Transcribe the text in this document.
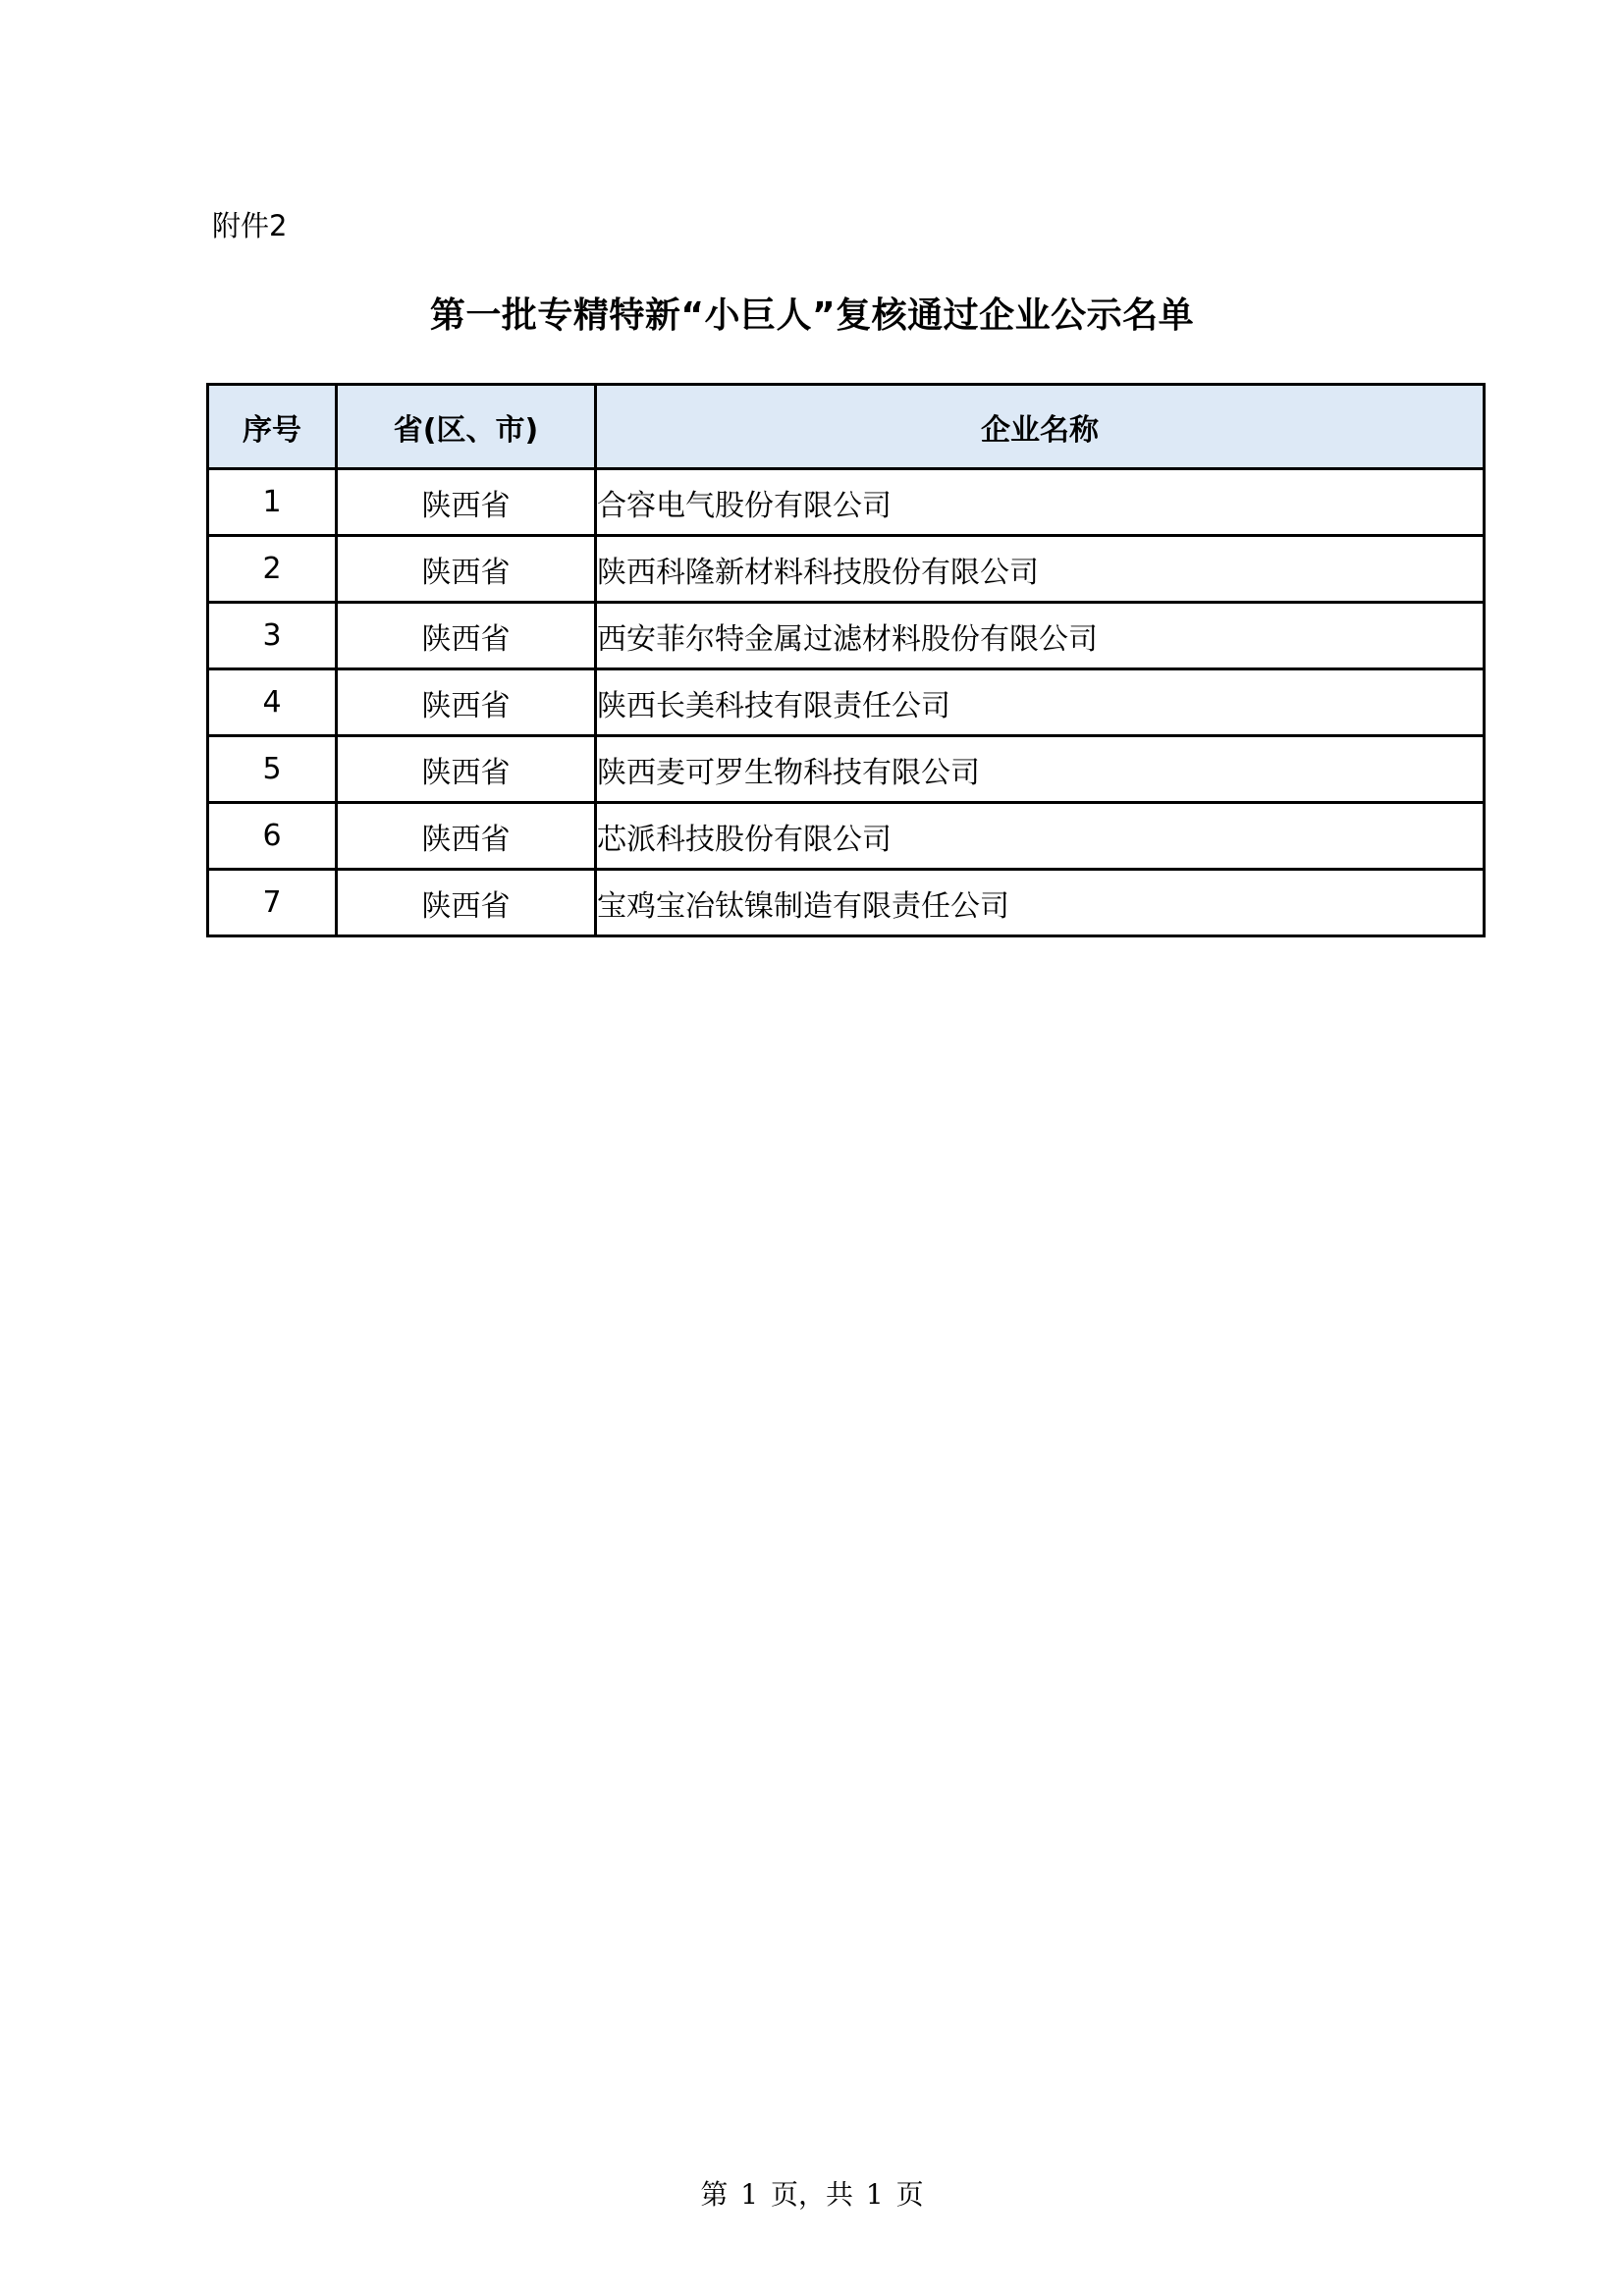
附件2
第一批专精特新“小巨人”复核通过企业公示名单
序号	省(区、市)	企业名称
1	陕西省	合容电气股份有限公司
2	陕西省	陕西科隆新材料科技股份有限公司
3	陕西省	西安菲尔特金属过滤材料股份有限公司
4	陕西省	陕西长美科技有限责任公司
5	陕西省	陕西麦可罗生物科技有限公司
6	陕西省	芯派科技股份有限公司
7	陕西省	宝鸡宝冶钛镍制造有限责任公司
第 1 页，共 1 页
